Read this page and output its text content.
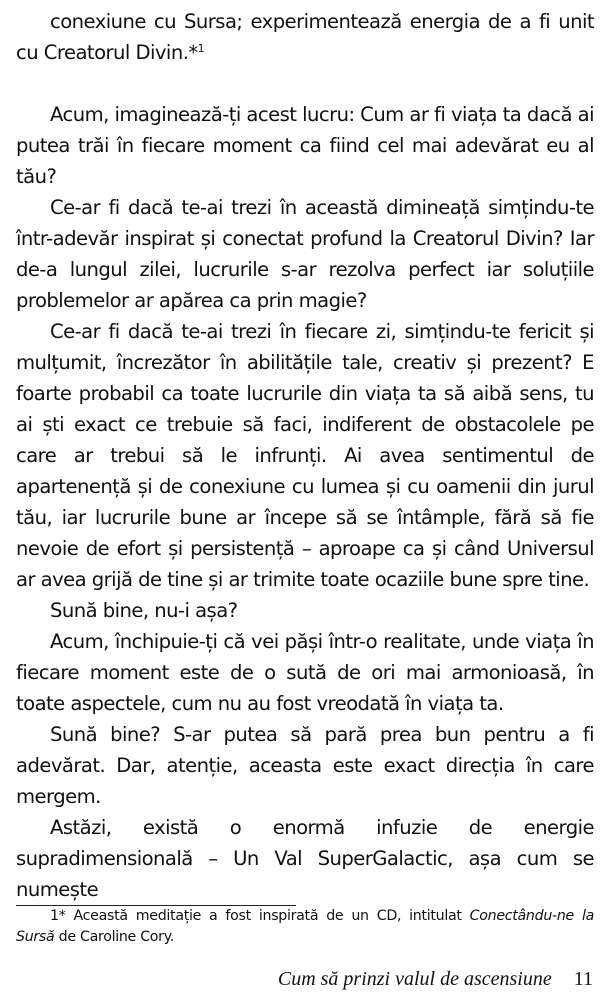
conexiune cu Sursa; experimentează energia de a fi unit cu Creatorul Divin.*$^1$

Acum, imaginează-ți acest lucru: Cum ar fi viața ta dacă ai putea trăi în fiecare moment ca fiind cel mai adevărat eu al tău?

Ce-ar fi dacă te-ai trezi în această dimineață simțindu-te într-adevăr inspirat și conectat profund la Creatorul Divin? Iar de-a lungul zilei, lucrurile s-ar rezolva perfect iar soluțiile problemelor ar apărea ca prin magie?

Ce-ar fi dacă te-ai trezi în fiecare zi, simțindu-te fericit și mulțumit, încrezător în abilitățile tale, creativ și prezent? E foarte probabil ca toate lucrurile din viața ta să aibă sens, tu ai ști exact ce trebuie să faci, indiferent de obstacolele pe care ar trebui să le infrunți. Ai avea sentimentul de apartenență și de conexiune cu lumea și cu oamenii din jurul tău, iar lucrurile bune ar începe să se întâmple, fără să fie nevoie de efort și persistență – aproape ca și când Universul ar avea grijă de tine și ar trimite toate ocaziile bune spre tine.

Sună bine, nu-i așa?

Acum, închipuie-ți că vei păși într-o realitate, unde viața în fiecare moment este de o sută de ori mai armonioasă, în toate aspectele, cum nu au fost vreodată în viața ta.

Sună bine? S-ar putea să pară prea bun pentru a fi adevărat. Dar, atenție, aceasta este exact direcția în care mergem.

Astăzi, există o enormă infuzie de energie supradimensională – Un Val SuperGalactic, așa cum se numește

1* Această meditație a fost inspirată de un CD, intitulat Conectându-ne la Sursă de Caroline Cory.

Cum să prinzi valul de ascensiune 11
